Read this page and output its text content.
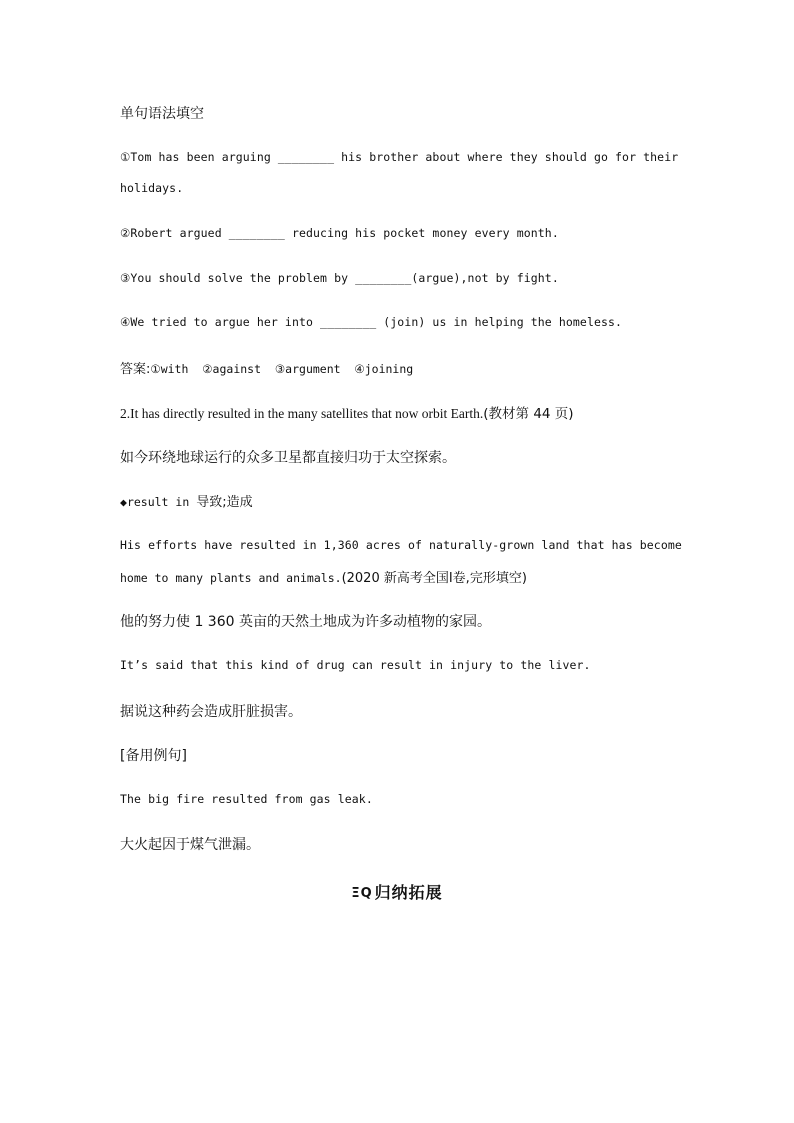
单句语法填空
①Tom has been arguing ________ his brother about where they should go for their
holidays.
②Robert argued ________ reducing his pocket money every month.
③You should solve the problem by ________(argue),not by fight.
④We tried to argue her into ________ (join) us in helping the homeless.
答案:①with  ②against  ③argument  ④joining
2.It has directly resulted in the many satellites that now orbit Earth.(教材第 44 页)
如今环绕地球运行的众多卫星都直接归功于太空探索。
◆result in 导致;造成
His efforts have resulted in 1,360 acres of naturally-grown land that has become
home to many plants and animals.(2020 新高考全国Ⅰ卷,完形填空)
他的努力使 1 360 英亩的天然土地成为许多动植物的家园。
It’s said that this kind of drug can result in injury to the liver.
据说这种药会造成肝脏损害。
[备用例句]
The big fire resulted from gas leak.
大火起因于煤气泄漏。
ΞQ 归纳拓展
